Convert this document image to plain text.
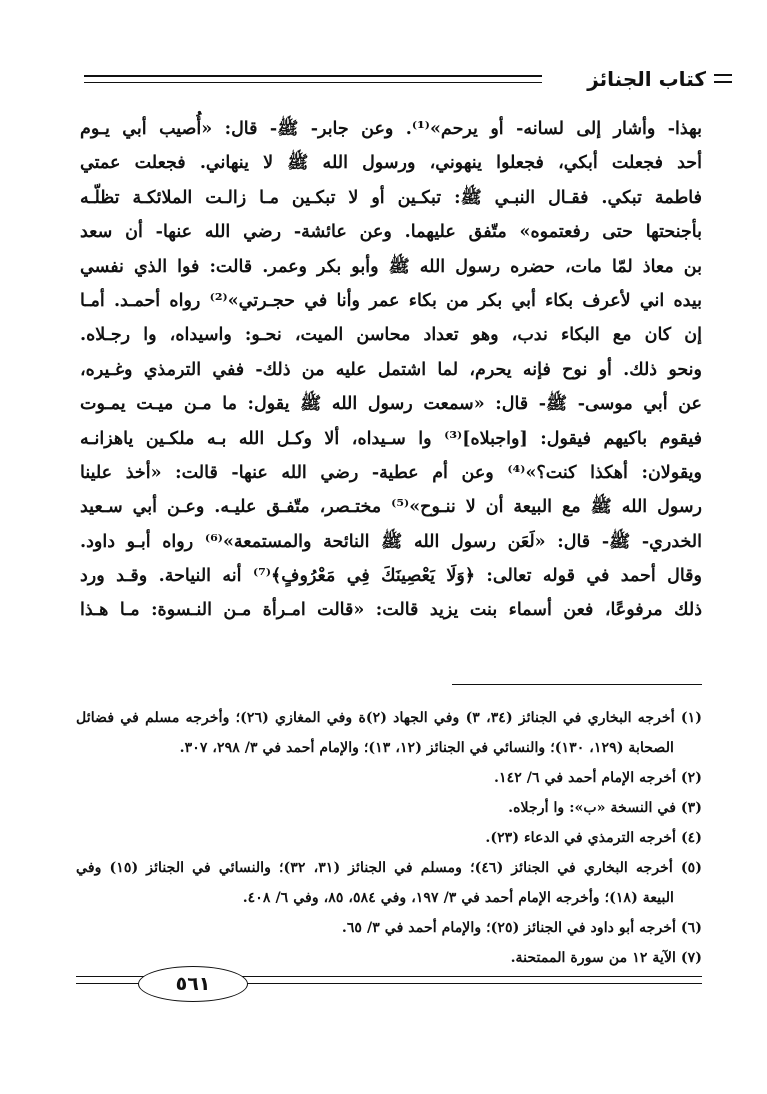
كتاب الجنائز
بهذا- وأشار إلى لسانه- أو يرحم»⁽¹⁾. وعن جابر- ﷺ- قال: «أُصيب أبي يـوم
أحد فجعلت أبكي، فجعلوا ينهوني، ورسول الله ﷺ لا ينهاني. فجعلت عمتي
فاطمة تبكي. فقـال النبـي ﷺ: تبكـين أو لا تبكـين مـا زالـت الملائكـة تظلّـه
بأجنحتها حتى رفعتموه» متّفق عليهما. وعن عائشة- رضي الله عنها- أن سعد
بن معاذ لمّا مات، حضره رسول الله ﷺ وأبو بكر وعمر. قالت: فوا الذي نفسي
بيده اني لأعرف بكاء أبي بكر من بكاء عمر وأنا في حجـرتي»⁽²⁾ رواه أحمـد. أمـا
إن كان مع البكاء ندب، وهو تعداد محاسن الميت، نحـو: واسيداه، وا رجـلاه.
ونحو ذلك. أو نوح فإنه يحرم، لما اشتمل عليه من ذلك- ففي الترمذي وغـيره،
عن أبي موسى- ﷺ- قال: «سمعت رسول الله ﷺ يقول: ما مـن ميـت يمـوت
فيقوم باكيهم فيقول: [واجبلاه]⁽³⁾ وا سـيداه، ألا وكـل الله بـه ملكـين ياهزانـه
ويقولان: أهكذا كنت؟»⁽⁴⁾ وعن أم عطية- رضي الله عنها- قالت: «أخذ علينا
رسول الله ﷺ مع البيعة أن لا ننـوح»⁽⁵⁾ مختـصر، متّفـق عليـه. وعـن أبي سـعيد
الخدري- ﷺ- قال: «لَعَن رسول الله ﷺ النائحة والمستمعة»⁽⁶⁾ رواه أبـو داود.
وقال أحمد في قوله تعالى: ﴿وَلَا يَعْصِينَكَ فِي مَعْرُوفٍ﴾⁽⁷⁾ أنه النياحة. وقـد ورد
ذلك مرفوعًا، فعن أسماء بنت يزيد قالت: «قالت امـرأة مـن النـسوة: مـا هـذا
(١) أخرجه البخاري في الجنائز (٣٤، ٣) وفي الجهاد (٢)ة وفي المغازي (٢٦)؛ وأخرجه مسلم في فضائل
الصحابة (١٢٩، ١٣٠)؛ والنسائي في الجنائز (١٢، ١٣)؛ والإمام أحمد في ٣/ ٢٩٨، ٣٠٧.
(٢) أخرجه الإمام أحمد في ٦/ ١٤٢.
(٣) في النسخة «ب»: وا أرجلاه.
(٤) أخرجه الترمذي في الدعاء (٢٣).
(٥) أخرجه البخاري في الجنائز (٤٦)؛ ومسلم في الجنائز (٣١، ٣٢)؛ والنسائي في الجنائز (١٥) وفي
البيعة (١٨)؛ وأخرجه الإمام أحمد في ٣/ ١٩٧، وفي ٥٨٤، ٨٥، وفي ٦/ ٤٠٨.
(٦) أخرجه أبو داود في الجنائز (٢٥)؛ والإمام أحمد في ٣/ ٦٥.
(٧) الآية ١٢ من سورة الممتحنة.
٥٦١
